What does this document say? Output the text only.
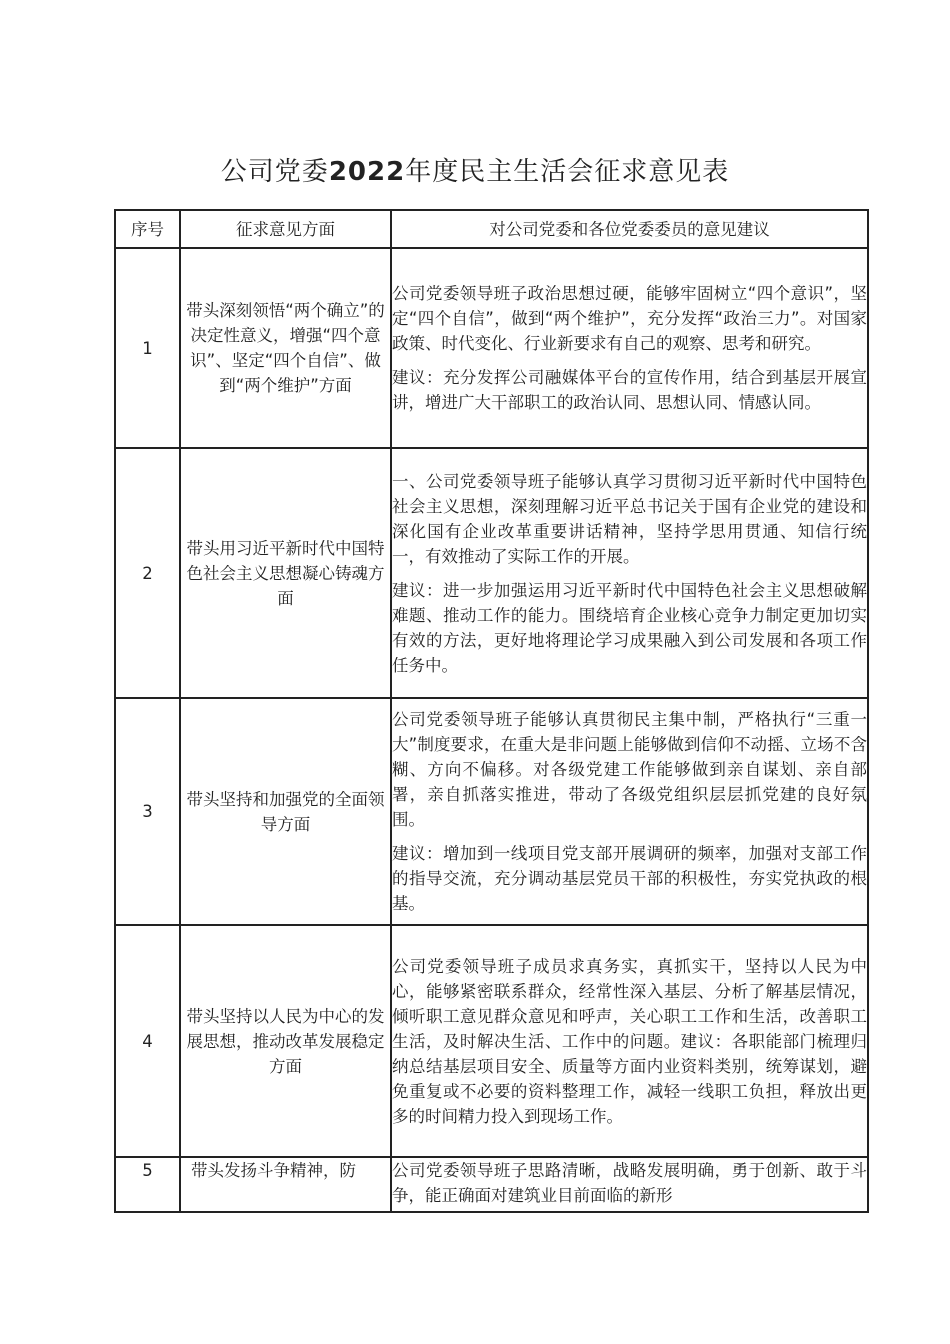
公司党委2022年度民主生活会征求意见表
序号	征求意见方面	对公司党委和各位党委委员的意见建议
1	带头深刻领悟“两个确立”的决定性意义，增强“四个意识”、坚定“四个自信”、做到“两个维护”方面	公司党委领导班子政治思想过硬，能够牢固树立“四个意识”，坚定“四个自信”，做到“两个维护”，充分发挥“政治三力”。对国家政策、时代变化、行业新要求有自己的观察、思考和研究。

建议：充分发挥公司融媒体平台的宣传作用，结合到基层开展宣讲，增进广大干部职工的政治认同、思想认同、情感认同。

2	带头用习近平新时代中国特色社会主义思想凝心铸魂方面	一、公司党委领导班子能够认真学习贯彻习近平新时代中国特色社会主义思想，深刻理解习近平总书记关于国有企业党的建设和深化国有企业改革重要讲话精神，坚持学思用贯通、知信行统一，有效推动了实际工作的开展。

建议：进一步加强运用习近平新时代中国特色社会主义思想破解难题、推动工作的能力。围绕培育企业核心竞争力制定更加切实有效的方法，更好地将理论学习成果融入到公司发展和各项工作任务中。

3	带头坚持和加强党的全面领导方面	公司党委领导班子能够认真贯彻民主集中制，严格执行“三重一大”制度要求，在重大是非问题上能够做到信仰不动摇、立场不含糊、方向不偏移。对各级党建工作能够做到亲自谋划、亲自部署，亲自抓落实推进，带动了各级党组织层层抓党建的良好氛围。

建议：增加到一线项目党支部开展调研的频率，加强对支部工作的指导交流，充分调动基层党员干部的积极性，夯实党执政的根基。

4	带头坚持以人民为中心的发展思想，推动改革发展稳定方面	公司党委领导班子成员求真务实，真抓实干，坚持以人民为中心，能够紧密联系群众，经常性深入基层、分析了解基层情况，倾听职工意见群众意见和呼声，关心职工工作和生活，改善职工生活，及时解决生活、工作中的问题。建议：各职能部门梳理归纳总结基层项目安全、质量等方面内业资料类别，统筹谋划，避免重复或不必要的资料整理工作，减轻一线职工负担，释放出更多的时间精力投入到现场工作。

5	带头发扬斗争精神，防	公司党委领导班子思路清晰，战略发展明确，勇于创新、敢于斗争，能正确面对建筑业目前面临的新形
